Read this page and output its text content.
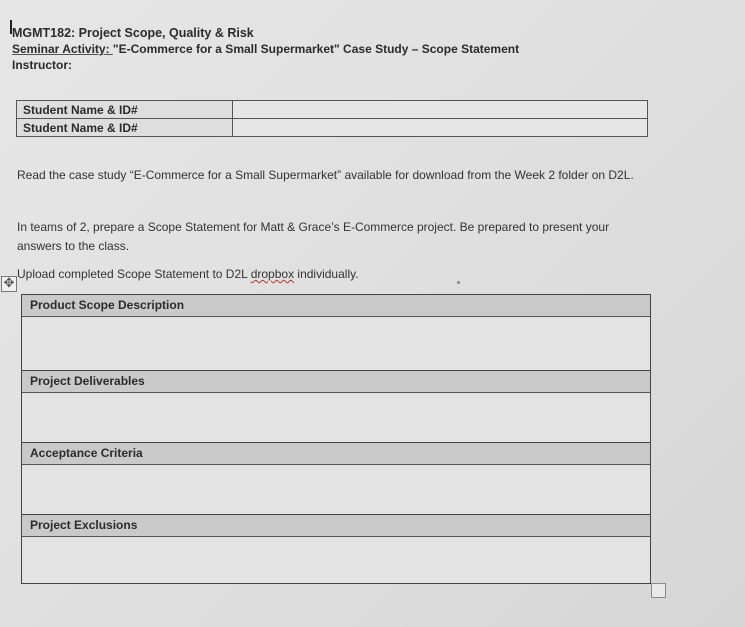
MGMT182: Project Scope, Quality & Risk
Seminar Activity: "E-Commerce for a Small Supermarket" Case Study – Scope Statement
Instructor:
Student Name & ID#	
Student Name & ID#	
Read the case study “E-Commerce for a Small Supermarket” available for download from the Week 2 folder on D2L.
In teams of 2, prepare a Scope Statement for Matt & Grace’s E-Commerce project. Be prepared to present your answers to the class.
Upload completed Scope Statement to D2L dropbox individually.
✥
Product Scope Description
Project Deliverables
Acceptance Criteria
Project Exclusions
